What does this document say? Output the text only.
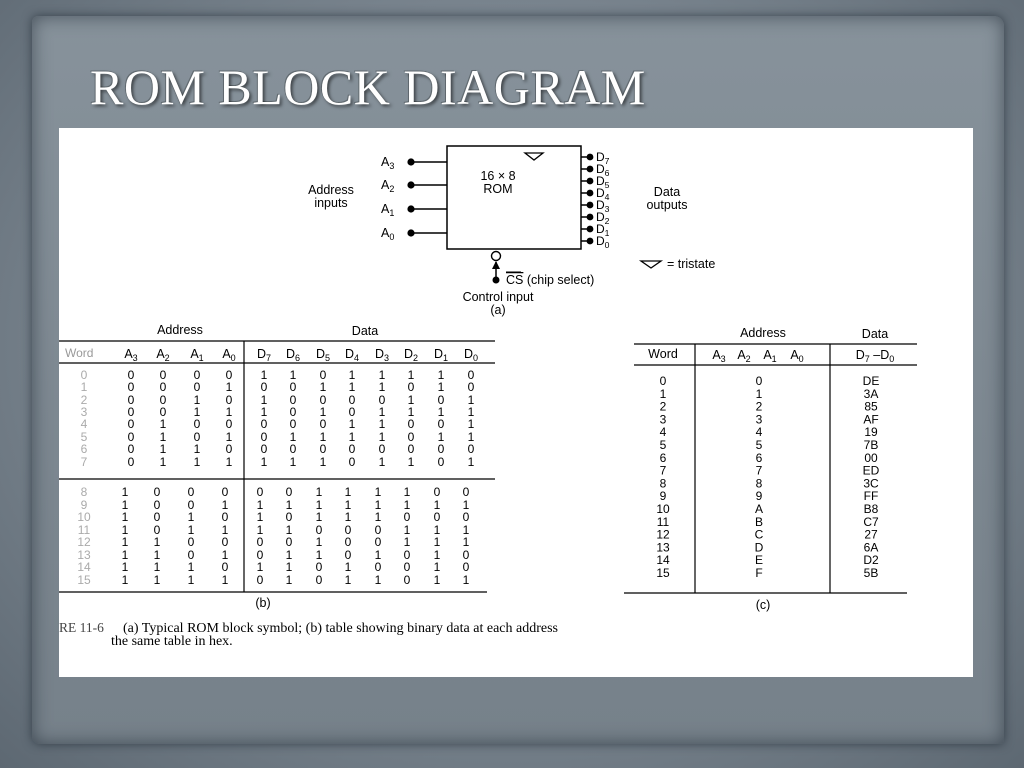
ROM BLOCK DIAGRAM
16 × 8
ROM
Address
inputs
Data
outputs
$A_3$
$A_2$
$A_1$
$A_0$
$D_7$
$D_6$
$D_5$
$D_4$
$D_3$
$D_2$
$D_1$
$D_0$
CS (chip select)
= tristate
Control input
(a)
Address	Data
Word $A_3$ $A_2$ $A_1$ $A_0$ $D_7$ $D_6$ $D_5$ $D_4$ $D_3$ $D_2$ $D_1$ $D_0$
0	0 0 0 0 1 1 0 1 1 1 1 0
1	0 0 0 1 0 0 1 1 1 0 1 0
2	0 0 1 0 1 0 0 0 0 1 0 1
3	0 0 1 1 1 0 1 0 1 1 1 1
4	0 1 0 0 0 0 0 1 1 0 0 1
5	0 1 0 1 0 1 1 1 1 0 1 1
6	0 1 1 0 0 0 0 0 0 0 0 0
7	0 1 1 1 1 1 1 0 1 1 0 1
8	1 0 0 0 0 0 1 1 1 1 0 0
9	1 0 0 1 1 1 1 1 1 1 1 1
10	1 0 1 0 1 0 1 1 1 0 0 0
11	1 0 1 1 1 1 0 0 0 1 1 1
12	1 1 0 0 0 0 1 0 0 1 1 1
13	1 1 0 1 0 1 1 0 1 0 1 0
14	1 1 1 0 1 1 0 1 0 0 1 0
15	1 1 1 1 0 1 0 1 1 0 1 1
(b)
Address	Data
Word	$A_3$ $A_2$ $A_1$ $A_0$	$D_7$ $-D_0$
0	0	DE
1	1	3A
2	2	85
3	3	AF
4	4	19
5	5	7B
6	6	00
7	7	ED
8	8	3C
9	9	FF
10	A	B8
11	B	C7
12	C	27
13	D	6A
14	E	D2
15	F	5B
(c)
RE 11-6 (a) Typical ROM block symbol; (b) table showing binary data at each address
the same table in hex.
